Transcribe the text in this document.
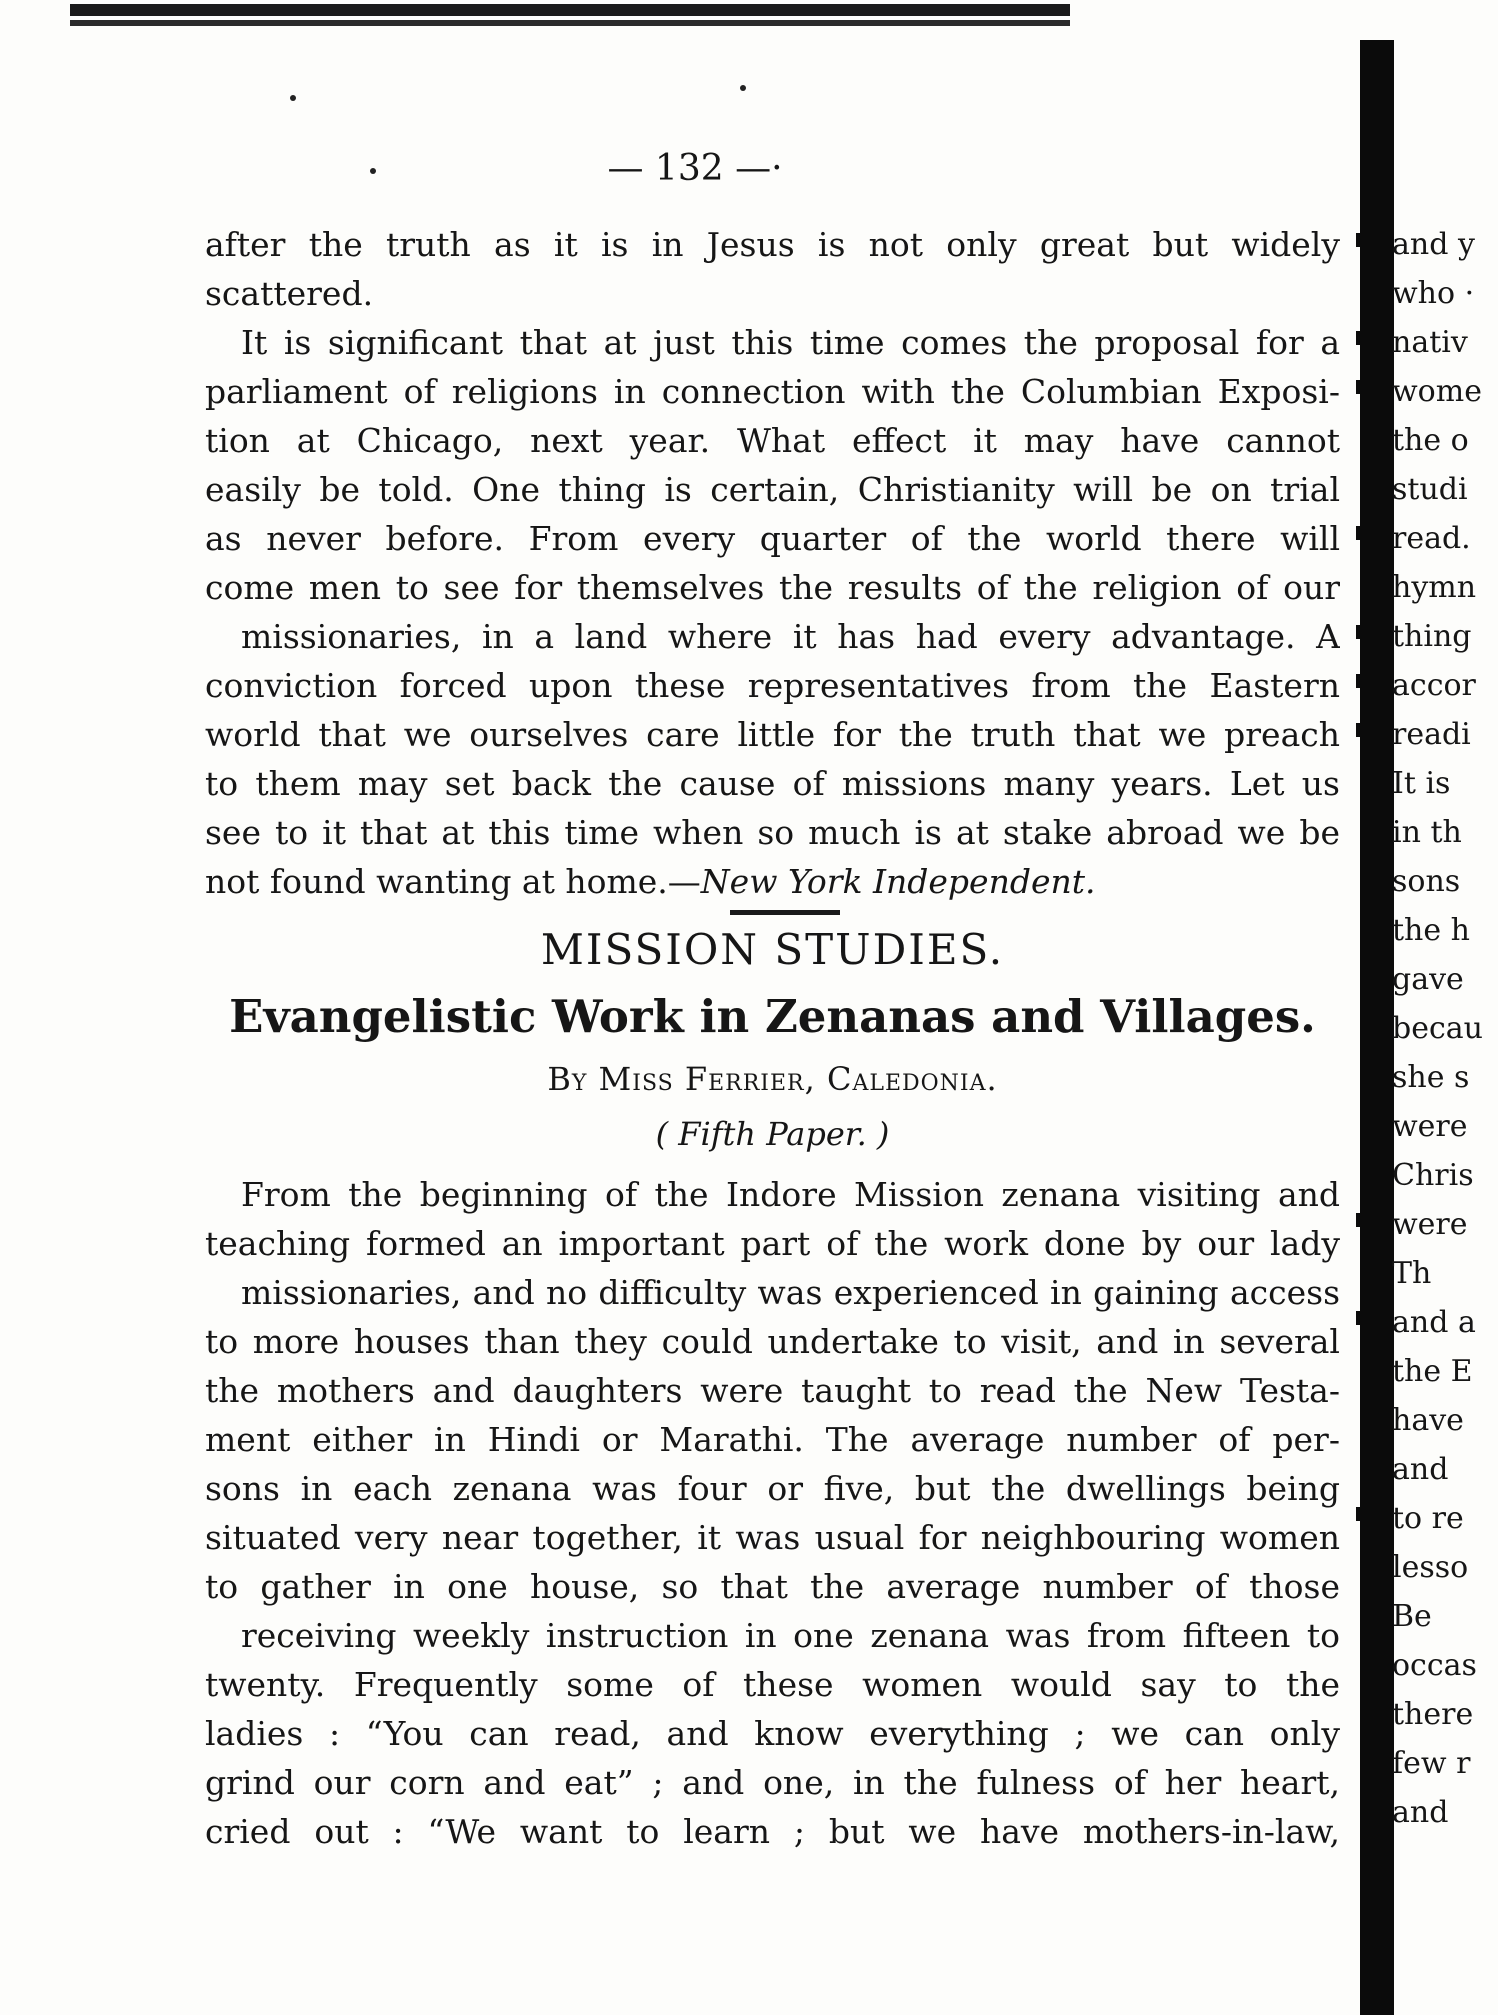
— 132 —·
after the truth as it is in Jesus is not only great but widely
scattered.
It is significant that at just this time comes the proposal for a
parliament of religions in connection with the Columbian Exposi-
tion at Chicago, next year. What effect it may have cannot
easily be told. One thing is certain, Christianity will be on trial
as never before. From every quarter of the world there will
come men to see for themselves the results of the religion of our
missionaries, in a land where it has had every advantage. A
conviction forced upon these representatives from the Eastern
world that we ourselves care little for the truth that we preach
to them may set back the cause of missions many years. Let us
see to it that at this time when so much is at stake abroad we be
not found wanting at home.—New York Independent.
MISSION STUDIES.
Evangelistic Work in Zenanas and Villages.
By Miss Ferrier, Caledonia.
( Fifth Paper. )
From the beginning of the Indore Mission zenana visiting and
teaching formed an important part of the work done by our lady
missionaries, and no difficulty was experienced in gaining access
to more houses than they could undertake to visit, and in several
the mothers and daughters were taught to read the New Testa-
ment either in Hindi or Marathi. The average number of per-
sons in each zenana was four or five, but the dwellings being
situated very near together, it was usual for neighbouring women
to gather in one house, so that the average number of those
receiving weekly instruction in one zenana was from fifteen to
twenty. Frequently some of these women would say to the
ladies : “You can read, and know everything ; we can only
grind our corn and eat” ; and one, in the fulness of her heart,
cried out : “We want to learn ; but we have mothers-in-law,
and y
who ·
nativ
wome
the o
studi
read.
hymn
thing
accor
readi
It is
in th
sons
the h
gave
becau
she s
were
Chris
were
Th
and a
the E
have
and
to re
lesso
Be
occas
there
few r
and
